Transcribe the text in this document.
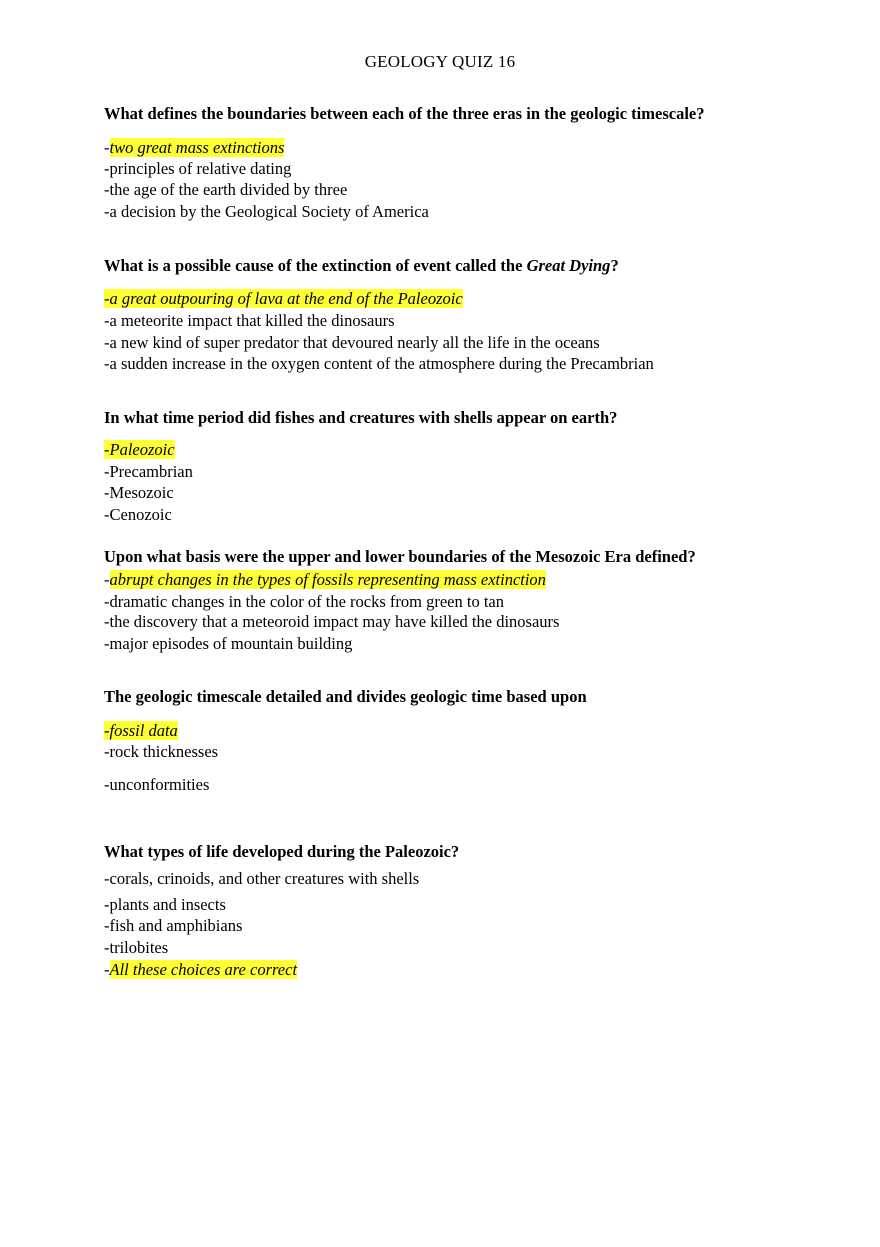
GEOLOGY QUIZ 16
What defines the boundaries between each of the three eras in the geologic timescale?
-two great mass extinctions
-principles of relative dating
-the age of the earth divided by three
-a decision by the Geological Society of America
What is a possible cause of the extinction of event called the Great Dying?
-a great outpouring of lava at the end of the Paleozoic
-a meteorite impact that killed the dinosaurs
-a new kind of super predator that devoured nearly all the life in the oceans
-a sudden increase in the oxygen content of the atmosphere during the Precambrian
In what time period did fishes and creatures with shells appear on earth?
-Paleozoic
-Precambrian
-Mesozoic
-Cenozoic
Upon what basis were the upper and lower boundaries of the Mesozoic Era defined?
-abrupt changes in the types of fossils representing mass extinction
-dramatic changes in the color of the rocks from green to tan
-the discovery that a meteoroid impact may have killed the dinosaurs
-major episodes of mountain building
The geologic timescale detailed and divides geologic time based upon
-fossil data
-rock thicknesses
-unconformities
What types of life developed during the Paleozoic?
-corals, crinoids, and other creatures with shells
-plants and insects
-fish and amphibians
-trilobites
-All these choices are correct
